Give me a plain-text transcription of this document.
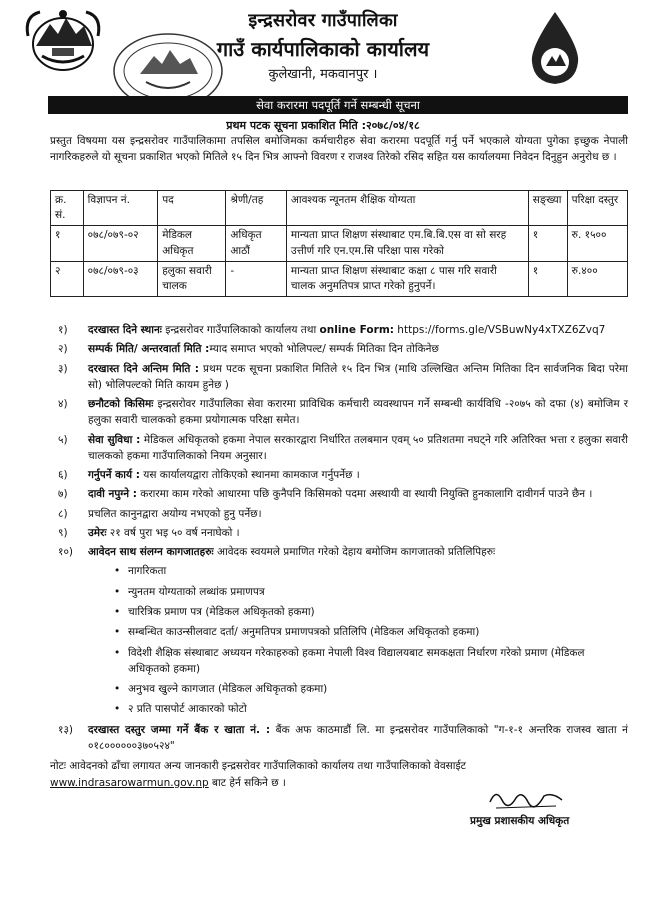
इन्द्रसरोवर गाउँपालिका
गाउँ कार्यपालिकाको कार्यालय
कुलेखानी, मकवानपुर ।
सेवा करारमा पदपूर्ति गर्ने सम्बन्धी सूचना
प्रथम पटक सूचना प्रकाशित मिति :२०७८/०४/१८
प्रस्तुत विषयमा यस इन्द्रसरोवर गाउँपालिकामा तपसिल बमोजिमका कर्मचारीहरु सेवा करारमा पदपूर्ति गर्नु पर्ने भएकाले योग्यता पुगेका इच्छुक नेपाली नागरिकहरुले यो सूचना प्रकाशित भएको मितिले १५ दिन भित्र आफ्नो विवरण र राजश्व तिरेको रसिद सहित यस कार्यालयमा निवेदन दिनुहुन अनुरोध छ ।
क्र. सं.	विज्ञापन नं.	पद	श्रेणी/तह	आवश्यक न्यूनतम शैक्षिक योग्यता	सङ्ख्या	परिक्षा दस्तुर
१	०७८/०७९-०२	मेडिकल अधिकृत	अधिकृत आठौं	मान्यता प्राप्त शिक्षण संस्थाबाट एम.बि.बि.एस वा सो सरह उत्तीर्ण गरि एन.एम.सि परिक्षा पास गरेको	१	रु. १५००
२	०७८/०७९-०३	हलुका सवारी चालक	-	मान्यता प्राप्त शिक्षण संस्थाबाट कक्षा ८ पास गरि सवारी चालक अनुमतिपत्र प्राप्त गरेको हुनुपर्ने।	१	रु.४००
१)	दरखास्त दिने स्थानः इन्द्रसरोवर गाउँपालिकाको कार्यालय तथा online Form: https://forms.gle/VSBuwNy4xTXZ6Zvq7
२)	सम्पर्क मिति/ अन्तरवार्ता मिति :म्याद समाप्त भएको भोलिपल्ट/ सम्पर्क मितिका दिन तोकिनेछ
३)	दरखास्त दिने अन्तिम मिति : प्रथम पटक सूचना प्रकाशित मितिले १५ दिन भित्र (माथि उल्लिखित अन्तिम मितिका दिन सार्वजनिक बिदा परेमा सो) भोलिपल्टको मिति कायम हुनेछ )
४)	छनौटको किसिमः इन्द्रसरोवर गाउँपालिका सेवा करारमा प्राविधिक कर्मचारी व्यवस्थापन गर्ने सम्बन्धी कार्यविधि -२०७५ को दफा (४) बमोजिम र हलुका सवारी चालकको हकमा प्रयोगात्मक परिक्षा समेत।
५)	सेवा सुविधा : मेडिकल अधिकृतको हकमा नेपाल सरकारद्वारा निर्धारित तलबमान एवम् ५० प्रतिशतमा नघट्ने गरि अतिरिक्त भत्ता र हलुका सवारी चालकको हकमा गाउँपालिकाको नियम अनुसार।
६)	गर्नुपर्ने कार्य : यस कार्यालयद्वारा तोकिएको स्थानमा कामकाज गर्नुपर्नेछ ।
७)	दावी नपुग्ने : करारमा काम गरेको आधारमा पछि कुनैपनि किसिमको पदमा अस्थायी वा स्थायी नियुक्ति हुनकालागि दावीगर्न पाउने छैन ।
८)	प्रचलित कानुनद्वारा अयोग्य नभएको हुनु पर्नेछ।
९)	उमेरः २१ वर्ष पुरा भइ ५० वर्ष ननाघेको ।
१०)	आवेदन साथ संलग्न कागजातहरुः आवेदक स्वयमले प्रमाणित गरेको देहाय बमोजिम कागजातको प्रतिलिपिहरुः
• नागरिकता
• न्युनतम योग्यताको लब्धांक प्रमाणपत्र
• चारित्रिक प्रमाण पत्र (मेडिकल अधिकृतको हकमा)
• सम्बन्धित काउन्सीलवाट दर्ता/ अनुमतिपत्र प्रमाणपत्रको प्रतिलिपि (मेडिकल अधिकृतको हकमा)
• विदेशी शैक्षिक संस्थाबाट अध्ययन गरेकाहरुको हकमा नेपाली विश्व विद्यालयबाट समकक्षता निर्धारण गरेको प्रमाण (मेडिकल अधिकृतको हकमा)
• अनुभव खुल्ने कागजात (मेडिकल अधिकृतको हकमा)
• २ प्रति पासपोर्ट आकारको फोटो
१३)	दरखास्त दस्तुर जम्मा गर्ने बैंक र खाता नं. : बैंक अफ काठमाडौं लि. मा इन्द्रसरोवर गाउँपालिकाको "ग-१-१ अन्तरिक राजस्व खाता नं ०१८००००००३७०५२४"
नोटः आवेदनको ढाँचा लगायत अन्य जानकारी इन्द्रसरोवर गाउँपालिकाको कार्यालय तथा गाउँपालिकाको वेवसाईट
www.indrasarowarmun.gov.np बाट हेर्न सकिने छ ।
प्रमुख प्रशासकीय अधिकृत
